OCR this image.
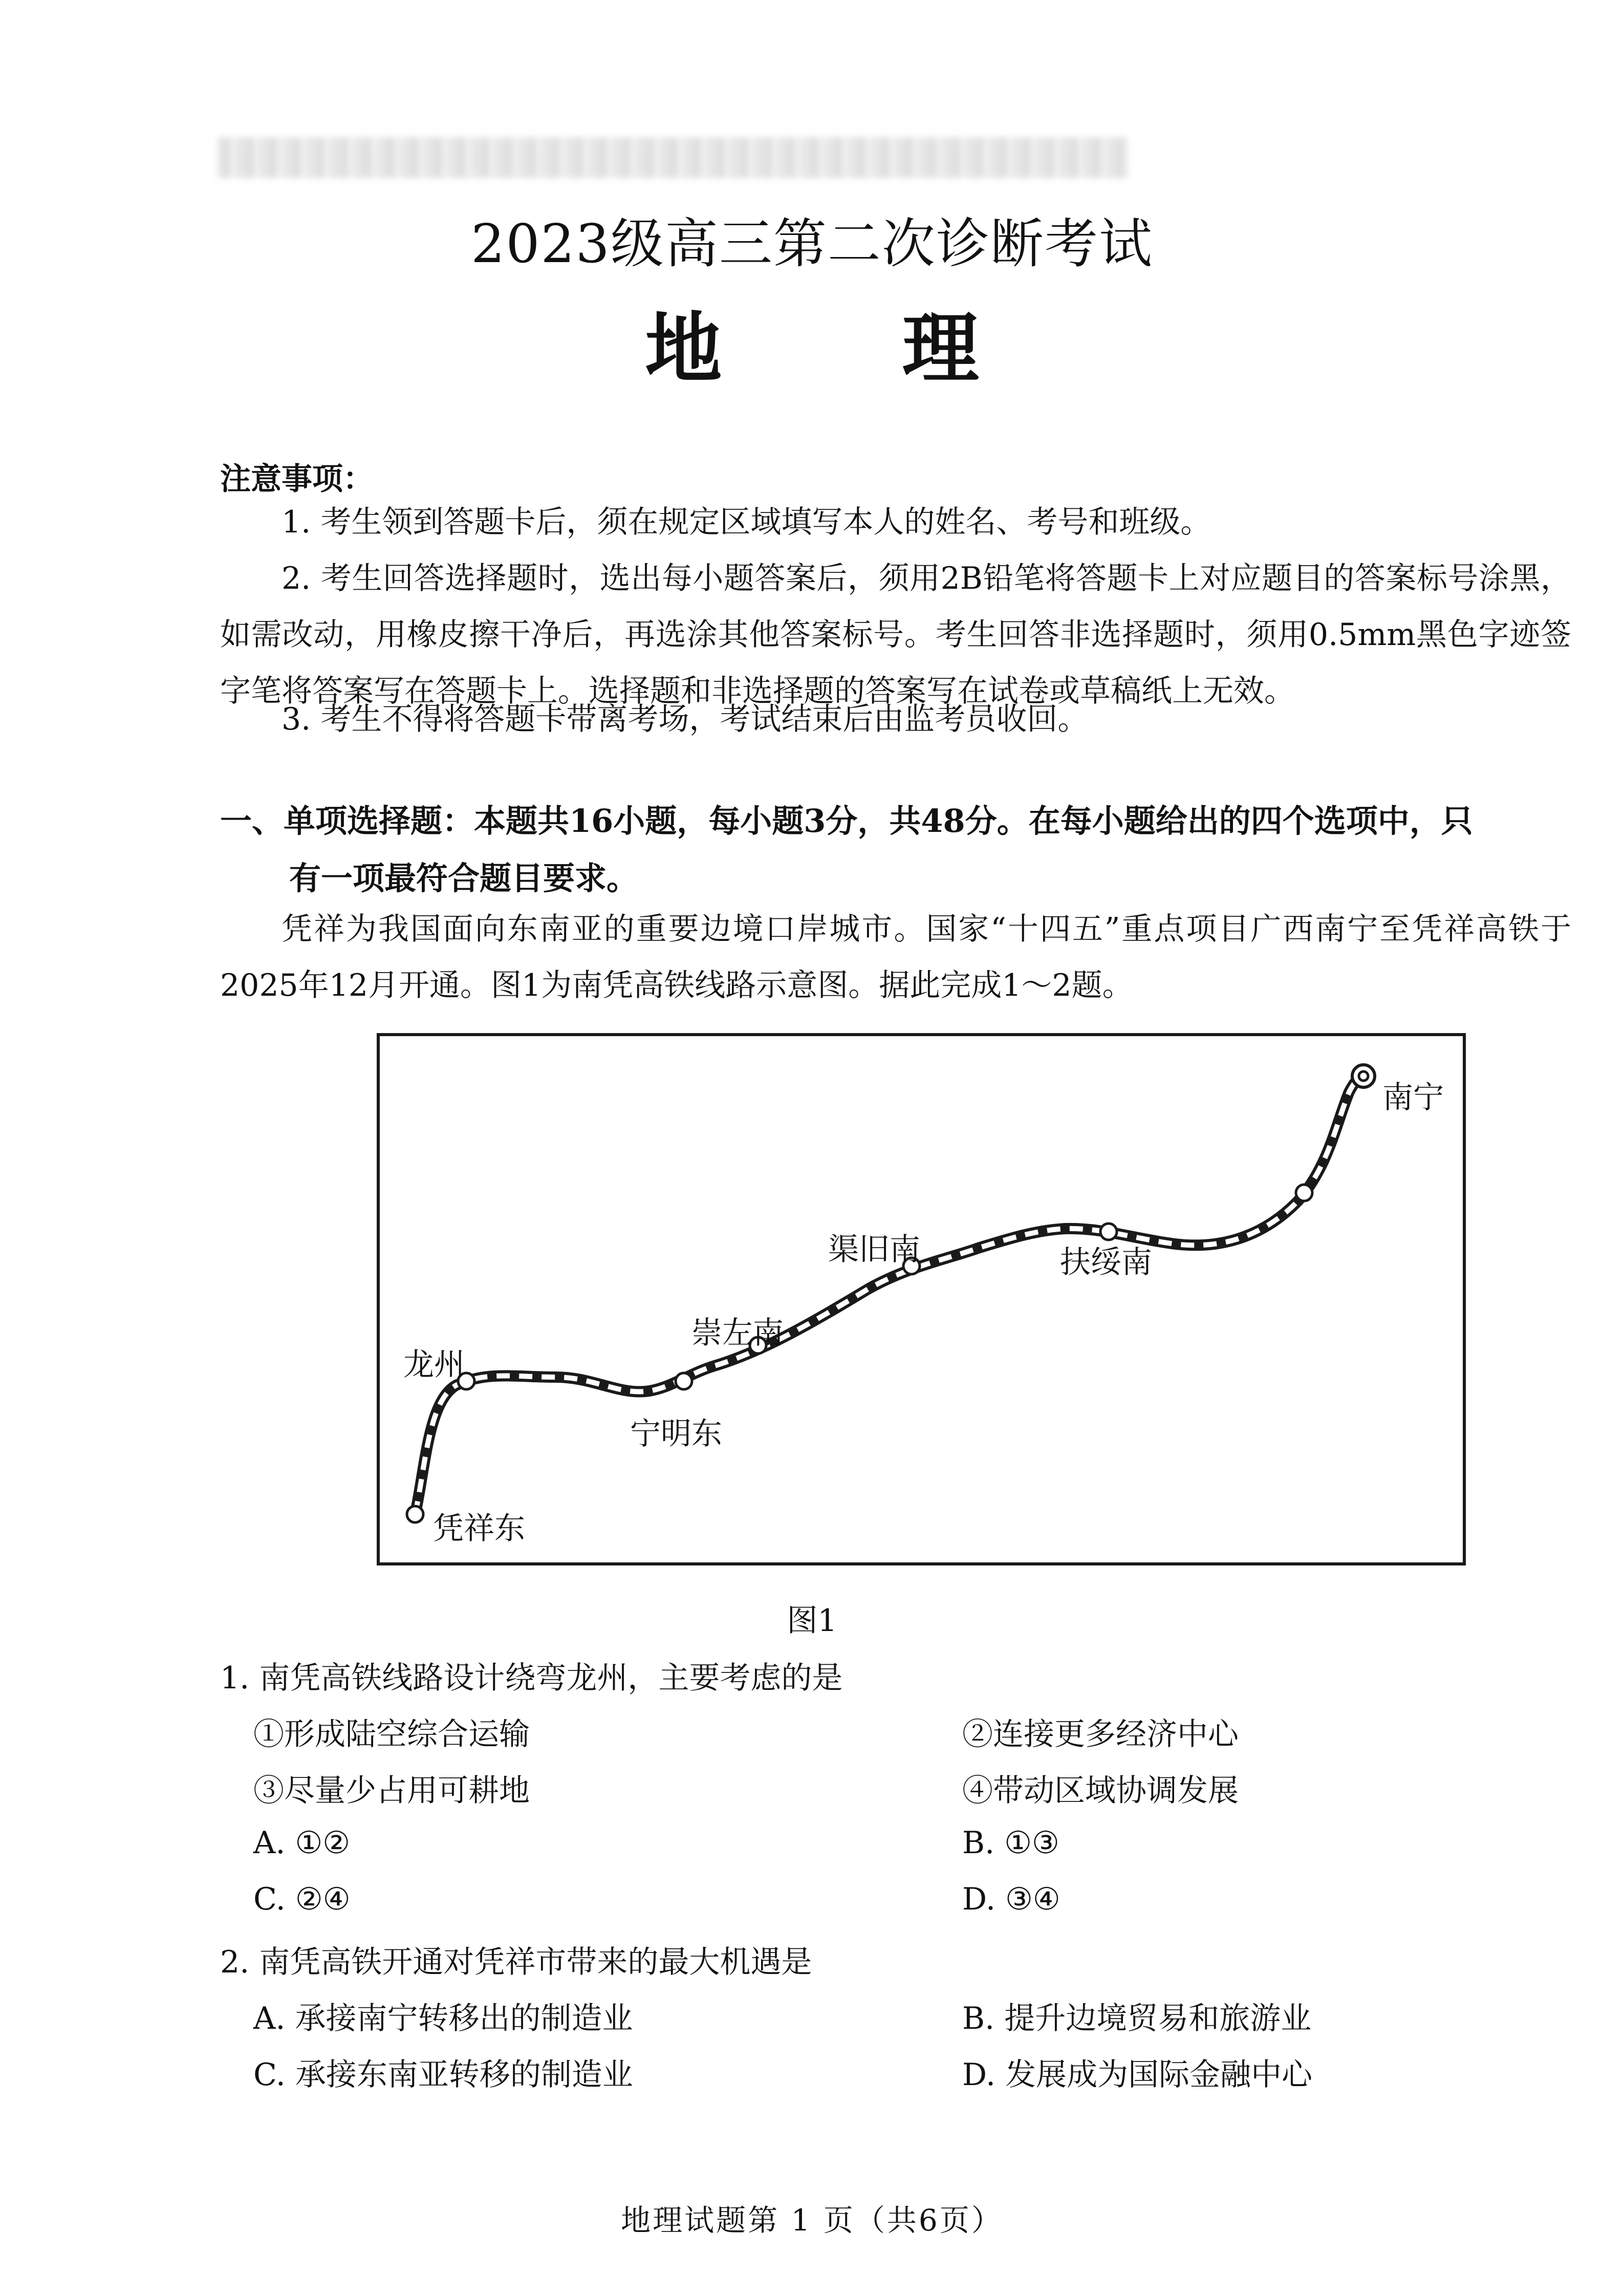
2023级高三第二次诊断考试
地 理
注意事项：
1. 考生领到答题卡后，须在规定区域填写本人的姓名、考号和班级。
2. 考生回答选择题时，选出每小题答案后，须用2B铅笔将答题卡上对应题目的答案标号涂黑，如需改动，用橡皮擦干净后，再选涂其他答案标号。考生回答非选择题时，须用0.5mm黑色字迹签字笔将答案写在答题卡上。选择题和非选择题的答案写在试卷或草稿纸上无效。
3. 考生不得将答题卡带离考场，考试结束后由监考员收回。
一、单项选择题：本题共16小题，每小题3分，共48分。在每小题给出的四个选项中，只
有一项最符合题目要求。
凭祥为我国面向东南亚的重要边境口岸城市。国家“十四五”重点项目广西南宁至凭祥高铁于2025年12月开通。图1为南凭高铁线路示意图。据此完成1～2题。
南宁
扶绥南
渠旧南
崇左南
宁明东
龙州
凭祥东
图1
1. 南凭高铁线路设计绕弯龙州，主要考虑的是
①形成陆空综合运输	②连接更多经济中心
③尽量少占用可耕地	④带动区域协调发展
A. ①②	B. ①③
C. ②④	D. ③④
2. 南凭高铁开通对凭祥市带来的最大机遇是
A. 承接南宁转移出的制造业	B. 提升边境贸易和旅游业
C. 承接东南亚转移的制造业	D. 发展成为国际金融中心
地理试题第 1 页（共6页）
